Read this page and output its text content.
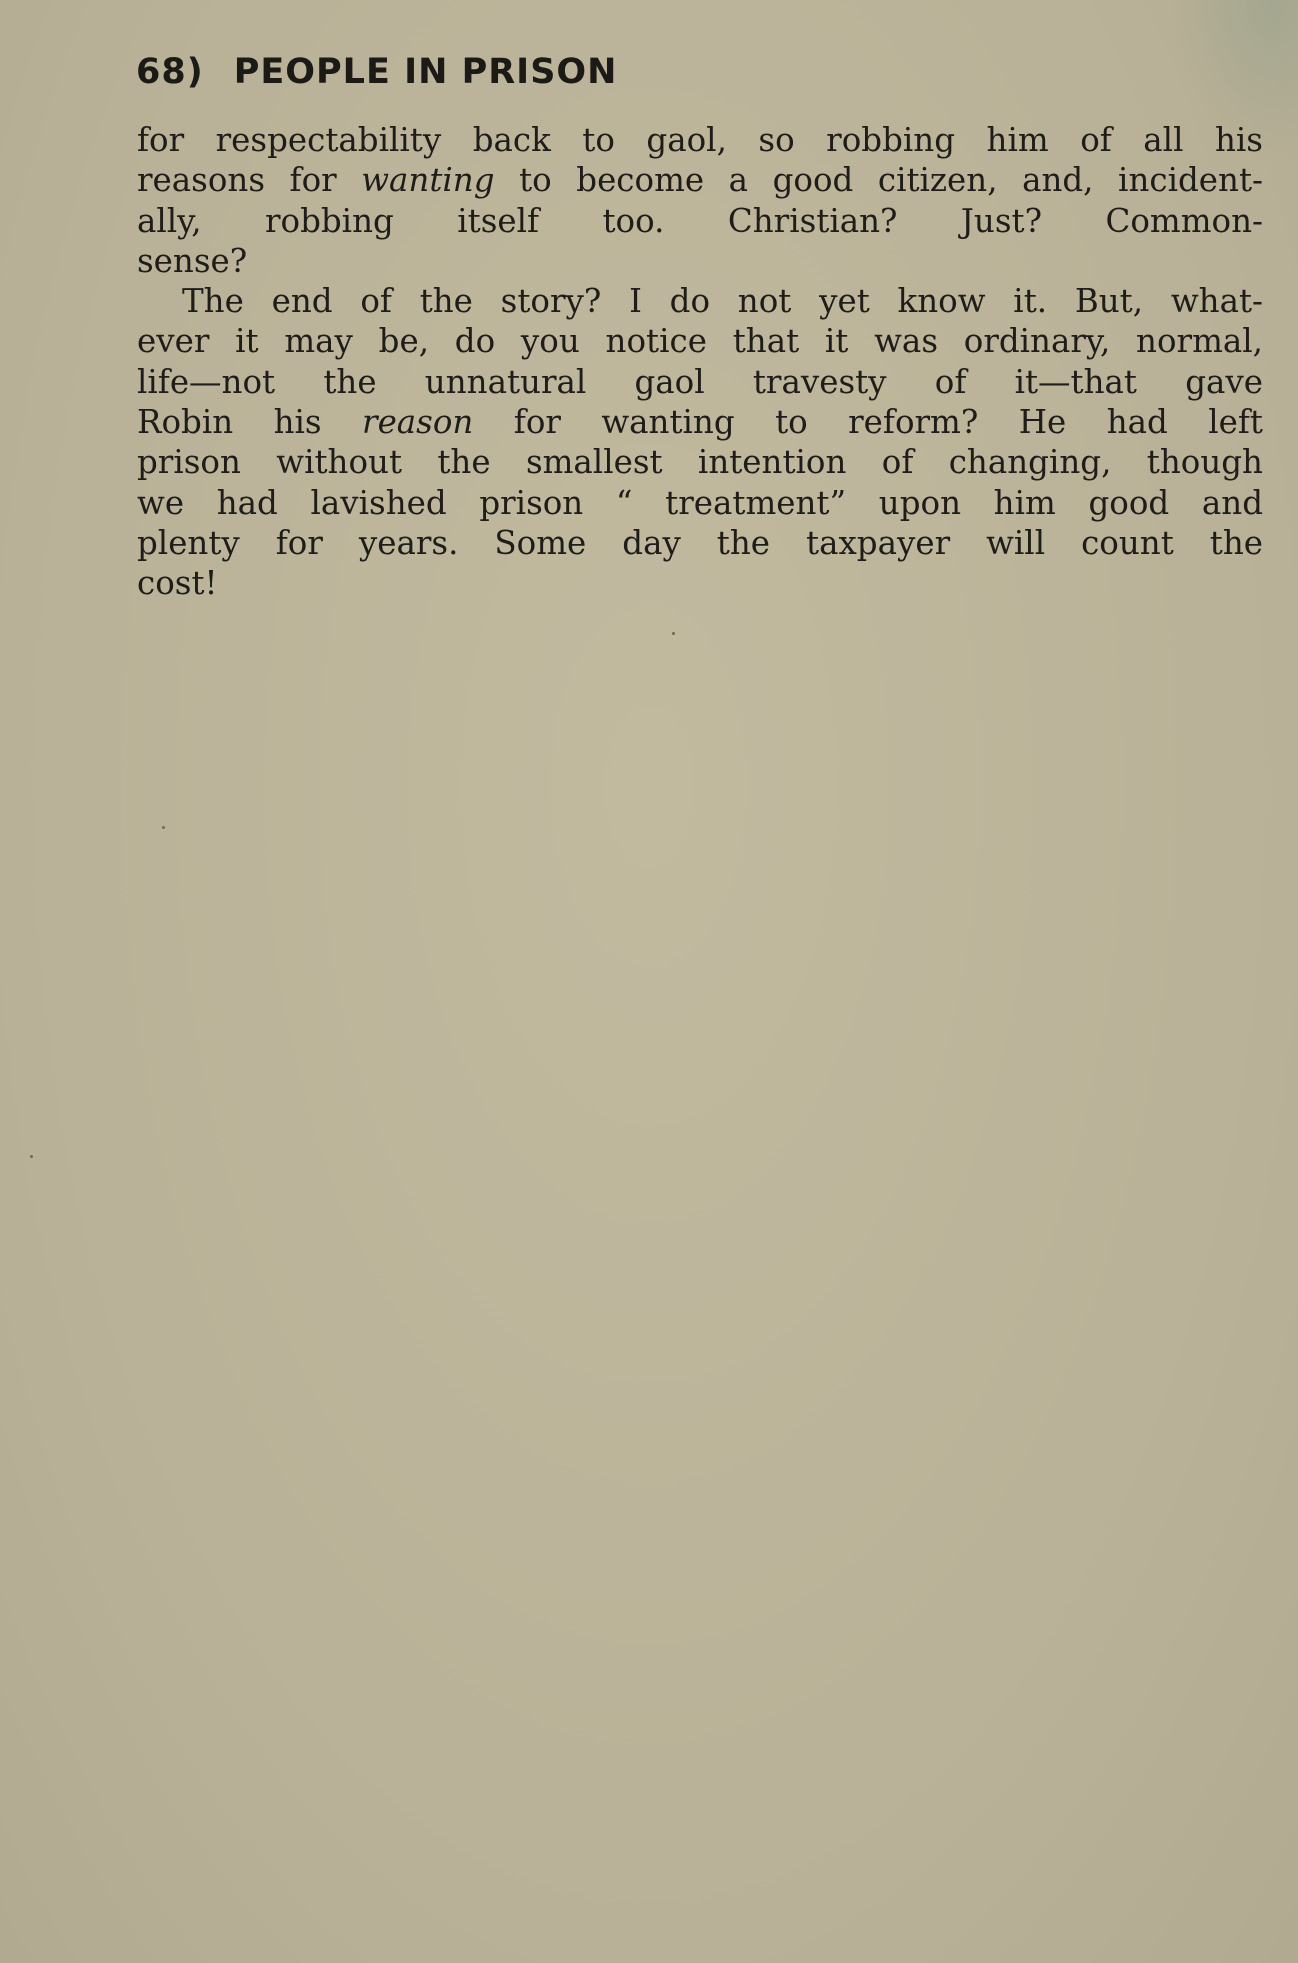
68) PEOPLE IN PRISON
for respectability back to gaol, so robbing him of all his
reasons for wanting to become a good citizen, and, incident-
ally, robbing itself too. Christian? Just? Common-
sense?
The end of the story? I do not yet know it. But, what-
ever it may be, do you notice that it was ordinary, normal,
life—not the unnatural gaol travesty of it—that gave
Robin his reason for wanting to reform? He had left
prison without the smallest intention of changing, though
we had lavished prison “ treatment” upon him good and
plenty for years. Some day the taxpayer will count the
cost!
